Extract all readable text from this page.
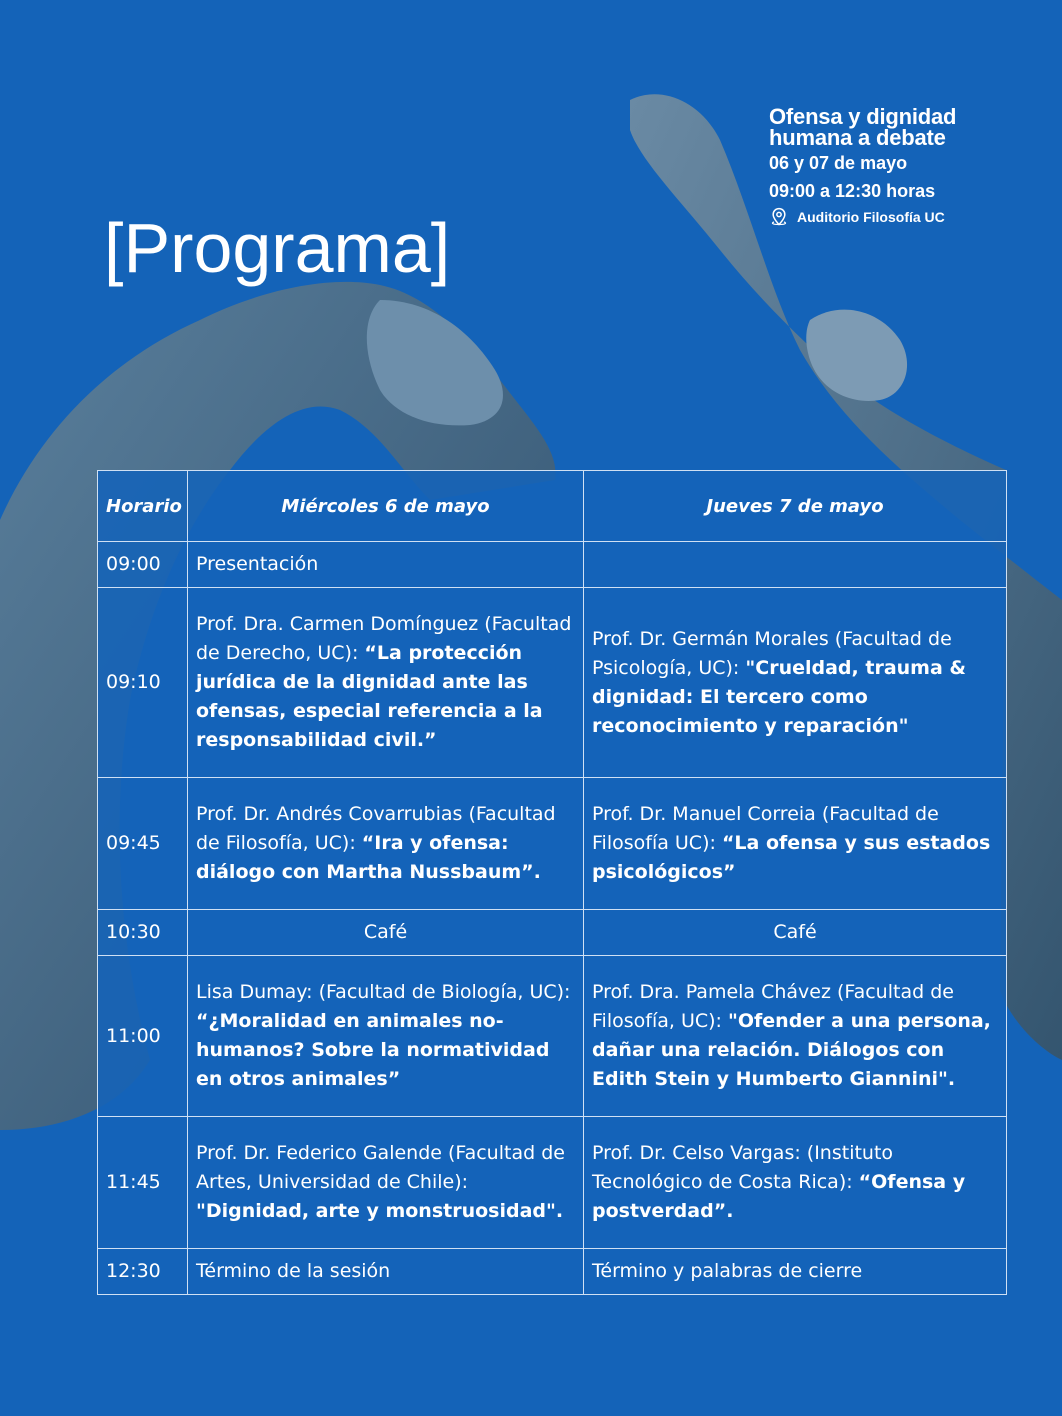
Ofensa y dignidad

humana a debate

06 y 07 de mayo
09:00 a 12:30 horas
Auditorio Filosofía UC
[Programa]
Horario	Miércoles 6 de mayo	Jueves 7 de mayo
09:00	Presentación	
09:10	Prof. Dra. Carmen Domínguez (Facultad de Derecho, UC): “La protección jurídica de la dignidad ante las ofensas, especial referencia a la responsabilidad civil.”	Prof. Dr. Germán Morales (Facultad de Psicología, UC): "Crueldad, trauma & dignidad: El tercero como reconocimiento y reparación"
09:45	Prof. Dr. Andrés Covarrubias (Facultad de Filosofía, UC): “Ira y ofensa: diálogo con Martha Nussbaum”.	Prof. Dr. Manuel Correia (Facultad de Filosofía UC): “La ofensa y sus estados psicológicos”
10:30	Café	Café
11:00	Lisa Dumay: (Facultad de Biología, UC): “¿Moralidad en animales no-humanos? Sobre la normatividad en otros animales”	Prof. Dra. Pamela Chávez (Facultad de Filosofía, UC): "Ofender a una persona, dañar una relación. Diálogos con Edith Stein y Humberto Giannini".
11:45	Prof. Dr. Federico Galende (Facultad de Artes, Universidad de Chile): "Dignidad, arte y monstruosidad".	Prof. Dr. Celso Vargas: (Instituto Tecnológico de Costa Rica): “Ofensa y postverdad”.
12:30	Término de la sesión	Término y palabras de cierre
